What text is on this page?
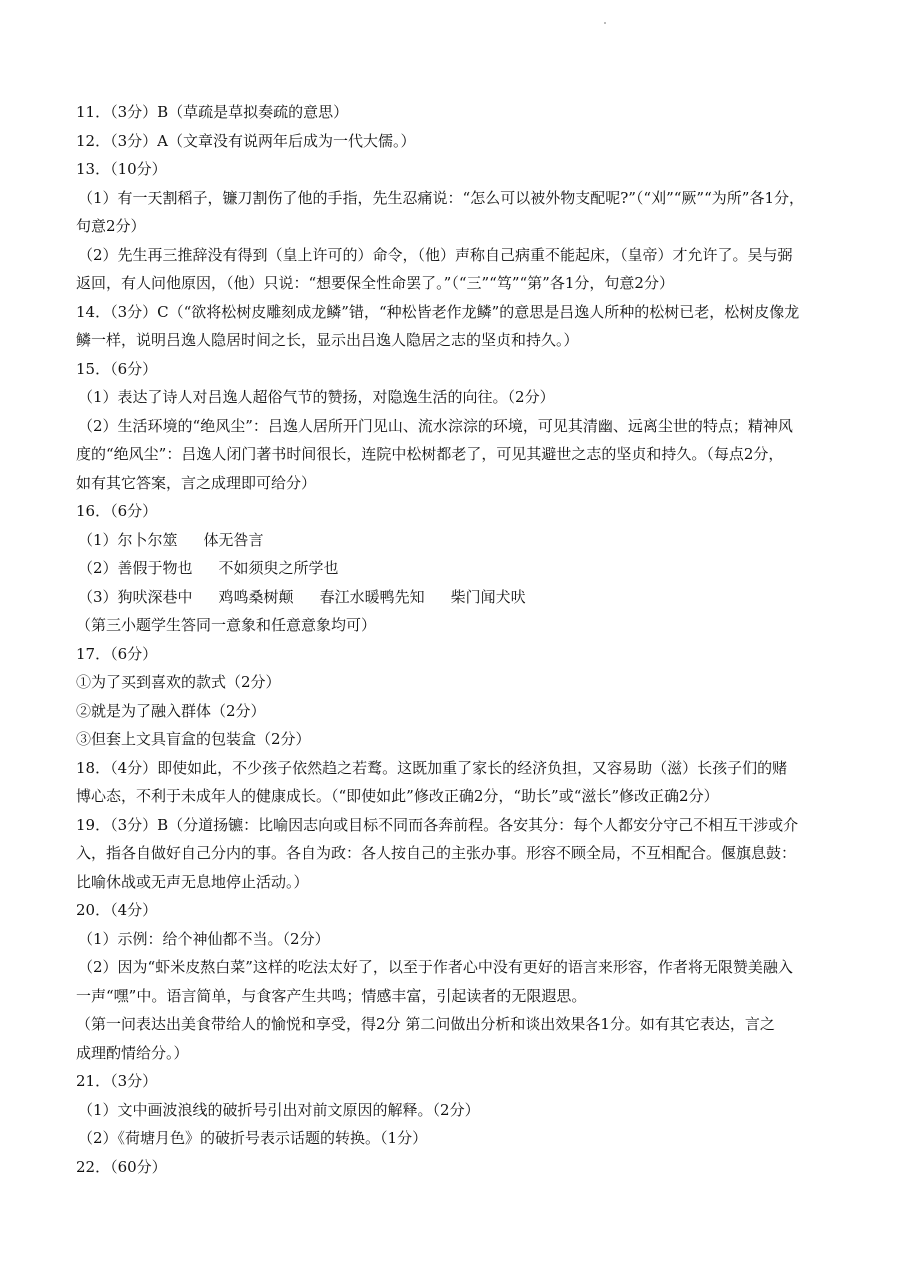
11．（3分）B（草疏是草拟奏疏的意思）
12．（3分）A（文章没有说两年后成为一代大儒。）
13．（10分）
（1）有一天割稻子，镰刀割伤了他的手指，先生忍痛说：“怎么可以被外物支配呢?”（“刈”“厥”“为所”各1分，
句意2分）
（2）先生再三推辞没有得到（皇上许可的）命令，（他）声称自己病重不能起床，（皇帝）才允许了。吴与弼
返回，有人问他原因，（他）只说：“想要保全性命罢了。”（“三”“笃”“第”各1分，句意2分）
14．（3分）C（“欲将松树皮雕刻成龙鳞”错，“种松皆老作龙鳞”的意思是吕逸人所种的松树已老，松树皮像龙
鳞一样，说明吕逸人隐居时间之长，显示出吕逸人隐居之志的坚贞和持久。）
15．（6分）
（1）表达了诗人对吕逸人超俗气节的赞扬，对隐逸生活的向往。（2分）
（2）生活环境的“绝风尘”：吕逸人居所开门见山、流水淙淙的环境，可见其清幽、远离尘世的特点；精神风
度的“绝风尘”：吕逸人闭门著书时间很长，连院中松树都老了，可见其避世之志的坚贞和持久。（每点2分，
如有其它答案，言之成理即可给分）
16．（6分）
（1）尔卜尔筮 体无咎言
（2）善假于物也 不如须臾之所学也
（3）狗吠深巷中 鸡鸣桑树颠 春江水暖鸭先知 柴门闻犬吠
（第三小题学生答同一意象和任意意象均可）
17．（6分）
①为了买到喜欢的款式（2分）
②就是为了融入群体（2分）
③但套上文具盲盒的包装盒（2分）
18．（4分）即使如此，不少孩子依然趋之若鹜。这既加重了家长的经济负担，又容易助（滋）长孩子们的赌
博心态，不利于未成年人的健康成长。（“即使如此”修改正确2分，“助长”或“滋长”修改正确2分）
19．（3分）B（分道扬镳：比喻因志向或目标不同而各奔前程。各安其分：每个人都安分守己不相互干涉或介
入，指各自做好自己分内的事。各自为政：各人按自己的主张办事。形容不顾全局，不互相配合。偃旗息鼓：
比喻休战或无声无息地停止活动。）
20．（4分）
（1）示例：给个神仙都不当。（2分）
（2）因为“虾米皮熬白菜”这样的吃法太好了，以至于作者心中没有更好的语言来形容，作者将无限赞美融入
一声“嘿”中。语言简单，与食客产生共鸣；情感丰富，引起读者的无限遐思。
（第一问表达出美食带给人的愉悦和享受，得2分 第二问做出分析和谈出效果各1分。如有其它表达，言之
成理酌情给分。）
21．（3分）
（1）文中画波浪线的破折号引出对前文原因的解释。（2分）
（2）《荷塘月色》的破折号表示话题的转换。（1分）
22．（60分）
